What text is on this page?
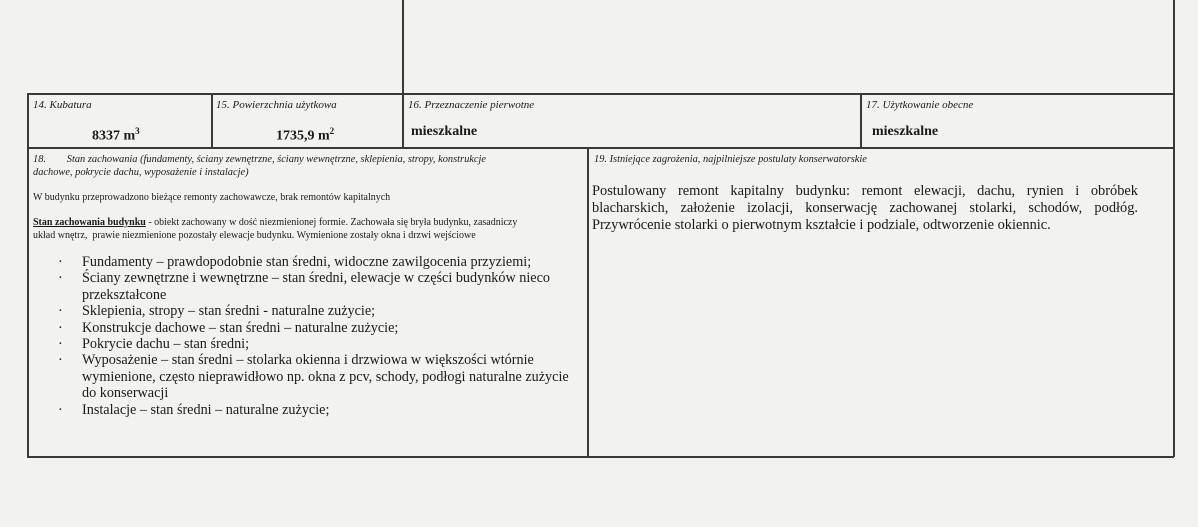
14. Kubatura
8337 $m^3$
15. Powierzchnia użytkowa
1735,9 $m^2$
16. Przeznaczenie pierwotne
mieszkalne
17. Użytkowanie obecne
mieszkalne
18.        Stan zachowania (fundamenty, ściany zewnętrzne, ściany wewnętrzne, sklepienia, stropy, konstrukcje
dachowe, pokrycie dachu, wyposażenie i instalacje)
W budynku przeprowadzono bieżące remonty zachowawcze, brak remontów kapitalnych
Stan zachowania budynku - obiekt zachowany w dość niezmienionej formie. Zachowała się bryła budynku, zasadniczy
układ wnętrz,  prawie niezmienione pozostały elewacje budynku. Wymienione zostały okna i drzwi wejściowe
· Fundamenty – prawdopodobnie stan średni, widoczne zawilgocenia przyziemi;
· Ściany zewnętrzne i wewnętrzne – stan średni, elewacje w części budynków nieco przekształcone
· Sklepienia, stropy – stan średni - naturalne zużycie;
· Konstrukcje dachowe – stan średni – naturalne zużycie;
· Pokrycie dachu – stan średni;
· Wyposażenie – stan średni – stolarka okienna i drzwiowa w większości wtórnie wymienione, często nieprawidłowo np. okna z pcv, schody, podłogi naturalne zużycie do konserwacji
· Instalacje – stan średni – naturalne zużycie;
19. Istniejące zagrożenia, najpilniejsze postulaty konserwatorskie
Postulowany remont kapitalny budynku: remont elewacji, dachu, rynien i obróbek blacharskich, założenie izolacji, konserwację zachowanej stolarki, schodów, podłóg. Przywrócenie stolarki o pierwotnym kształcie i podziale, odtworzenie okiennic.
